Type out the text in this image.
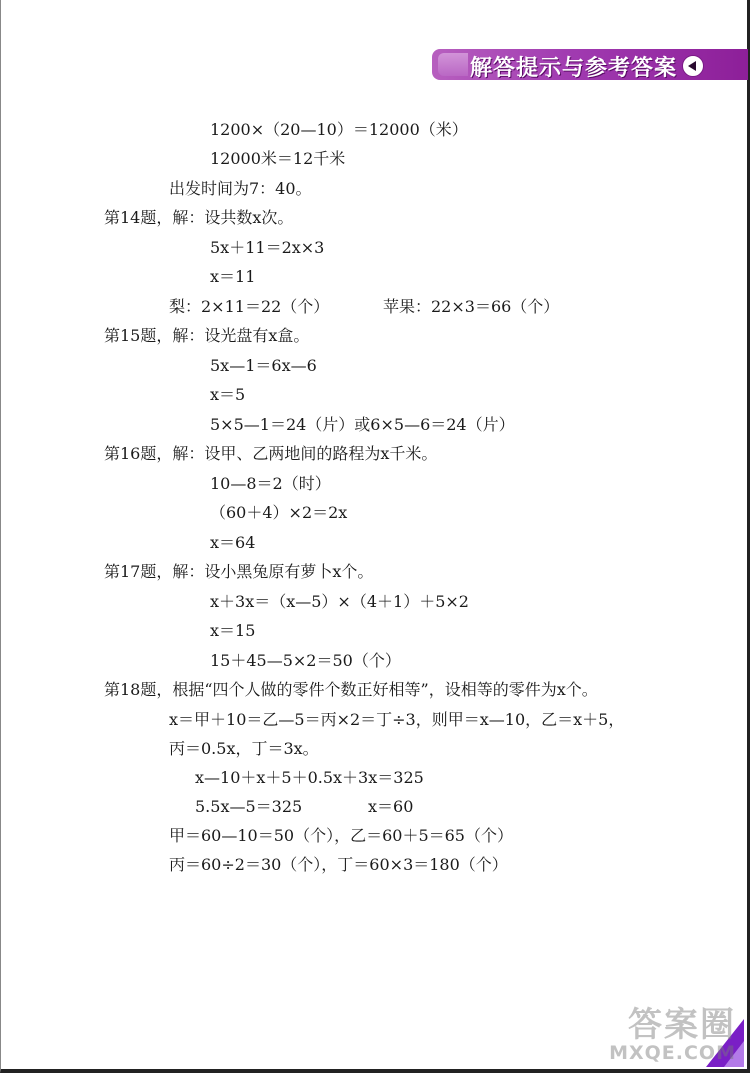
解答提示与参考答案
1200×（20—10）＝12000（米）
12000米＝12千米
出发时间为7：40。
第14题，解：设共数x次。
5x＋11＝2x×3
x＝11
梨：2×11＝22（个）	苹果：22×3＝66（个）
第15题，解：设光盘有x盒。
5x—1＝6x—6
x＝5
5×5—1＝24（片）或6×5—6＝24（片）
第16题，解：设甲、乙两地间的路程为x千米。
10—8＝2（时）
（60＋4）×2＝2x
x＝64
第17题，解：设小黑兔原有萝卜x个。
x＋3x＝（x—5）×（4＋1）＋5×2
x＝15
15＋45—5×2＝50（个）
第18题，根据“四个人做的零件个数正好相等”，设相等的零件为x个。
x＝甲＋10＝乙—5＝丙×2＝丁÷3，则甲＝x—10，乙＝x＋5，
丙＝0.5x，丁＝3x。
x—10＋x＋5＋0.5x＋3x＝325
5.5x—5＝325	x＝60
甲＝60—10＝50（个），乙＝60＋5＝65（个）
丙＝60÷2＝30（个），丁＝60×3＝180（个）
答案圈
MXQE.COM
